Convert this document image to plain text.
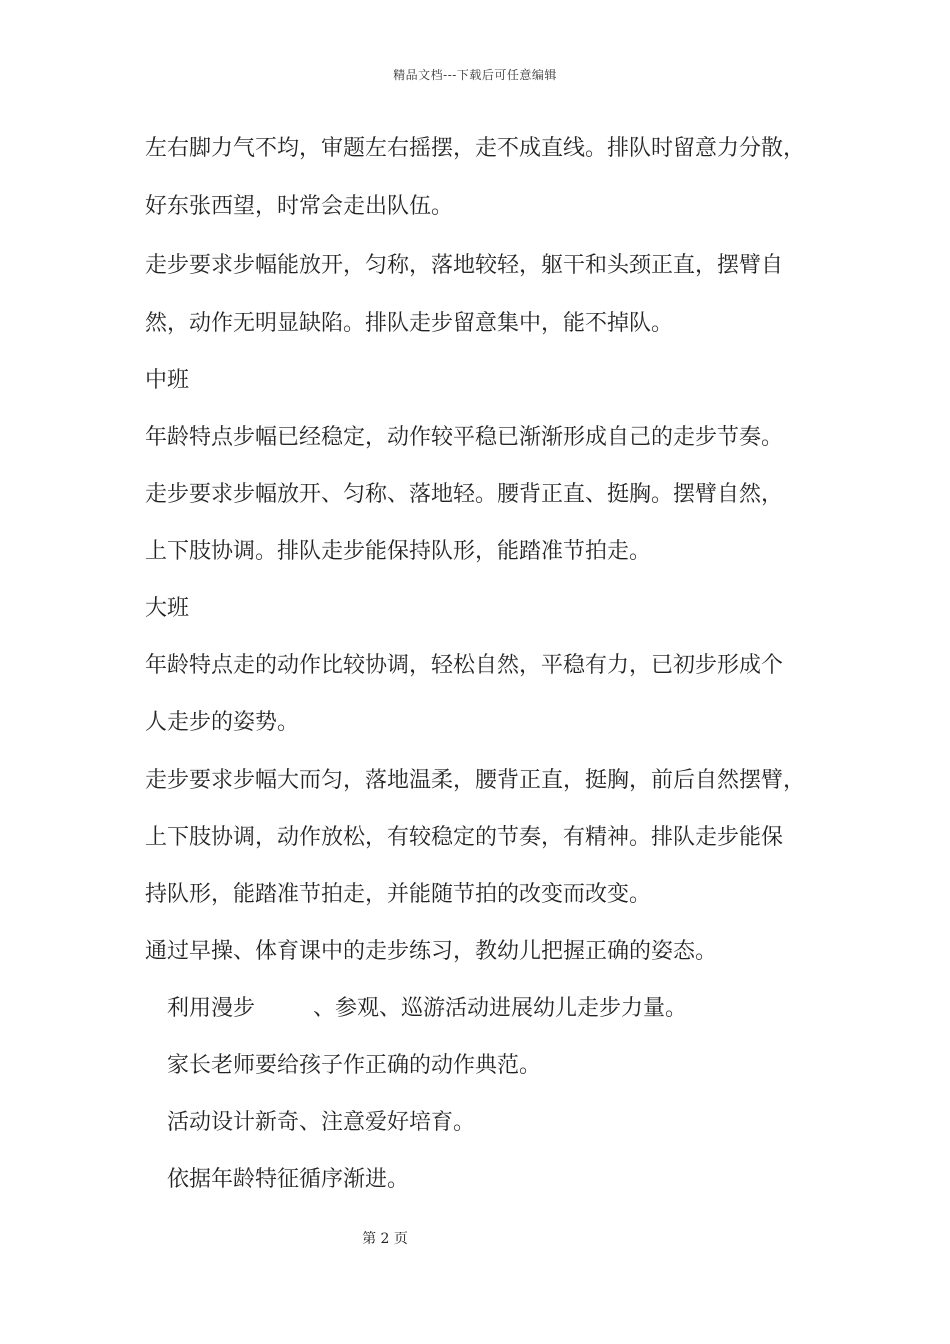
精品文档---下载后可任意编辑
左右脚力气不均，审题左右摇摆，走不成直线。排队时留意力分散，
好东张西望，时常会走出队伍。
走步要求步幅能放开，匀称，落地较轻，躯干和头颈正直，摆臂自
然，动作无明显缺陷。排队走步留意集中，能不掉队。
中班
年龄特点步幅已经稳定，动作较平稳已渐渐形成自己的走步节奏。
走步要求步幅放开、匀称、落地轻。腰背正直、挺胸。摆臂自然，
上下肢协调。排队走步能保持队形，能踏准节拍走。
大班
年龄特点走的动作比较协调，轻松自然，平稳有力，已初步形成个
人走步的姿势。
走步要求步幅大而匀，落地温柔，腰背正直，挺胸，前后自然摆臂，
上下肢协调，动作放松，有较稳定的节奏，有精神。排队走步能保
持队形，能踏准节拍走，并能随节拍的改变而改变。
通过早操、体育课中的走步练习，教幼儿把握正确的姿态。
利用漫步	、参观、巡游活动进展幼儿走步力量。
家长老师要给孩子作正确的动作典范。
活动设计新奇、注意爱好培育。
依据年龄特征循序渐进。
第 2 页
